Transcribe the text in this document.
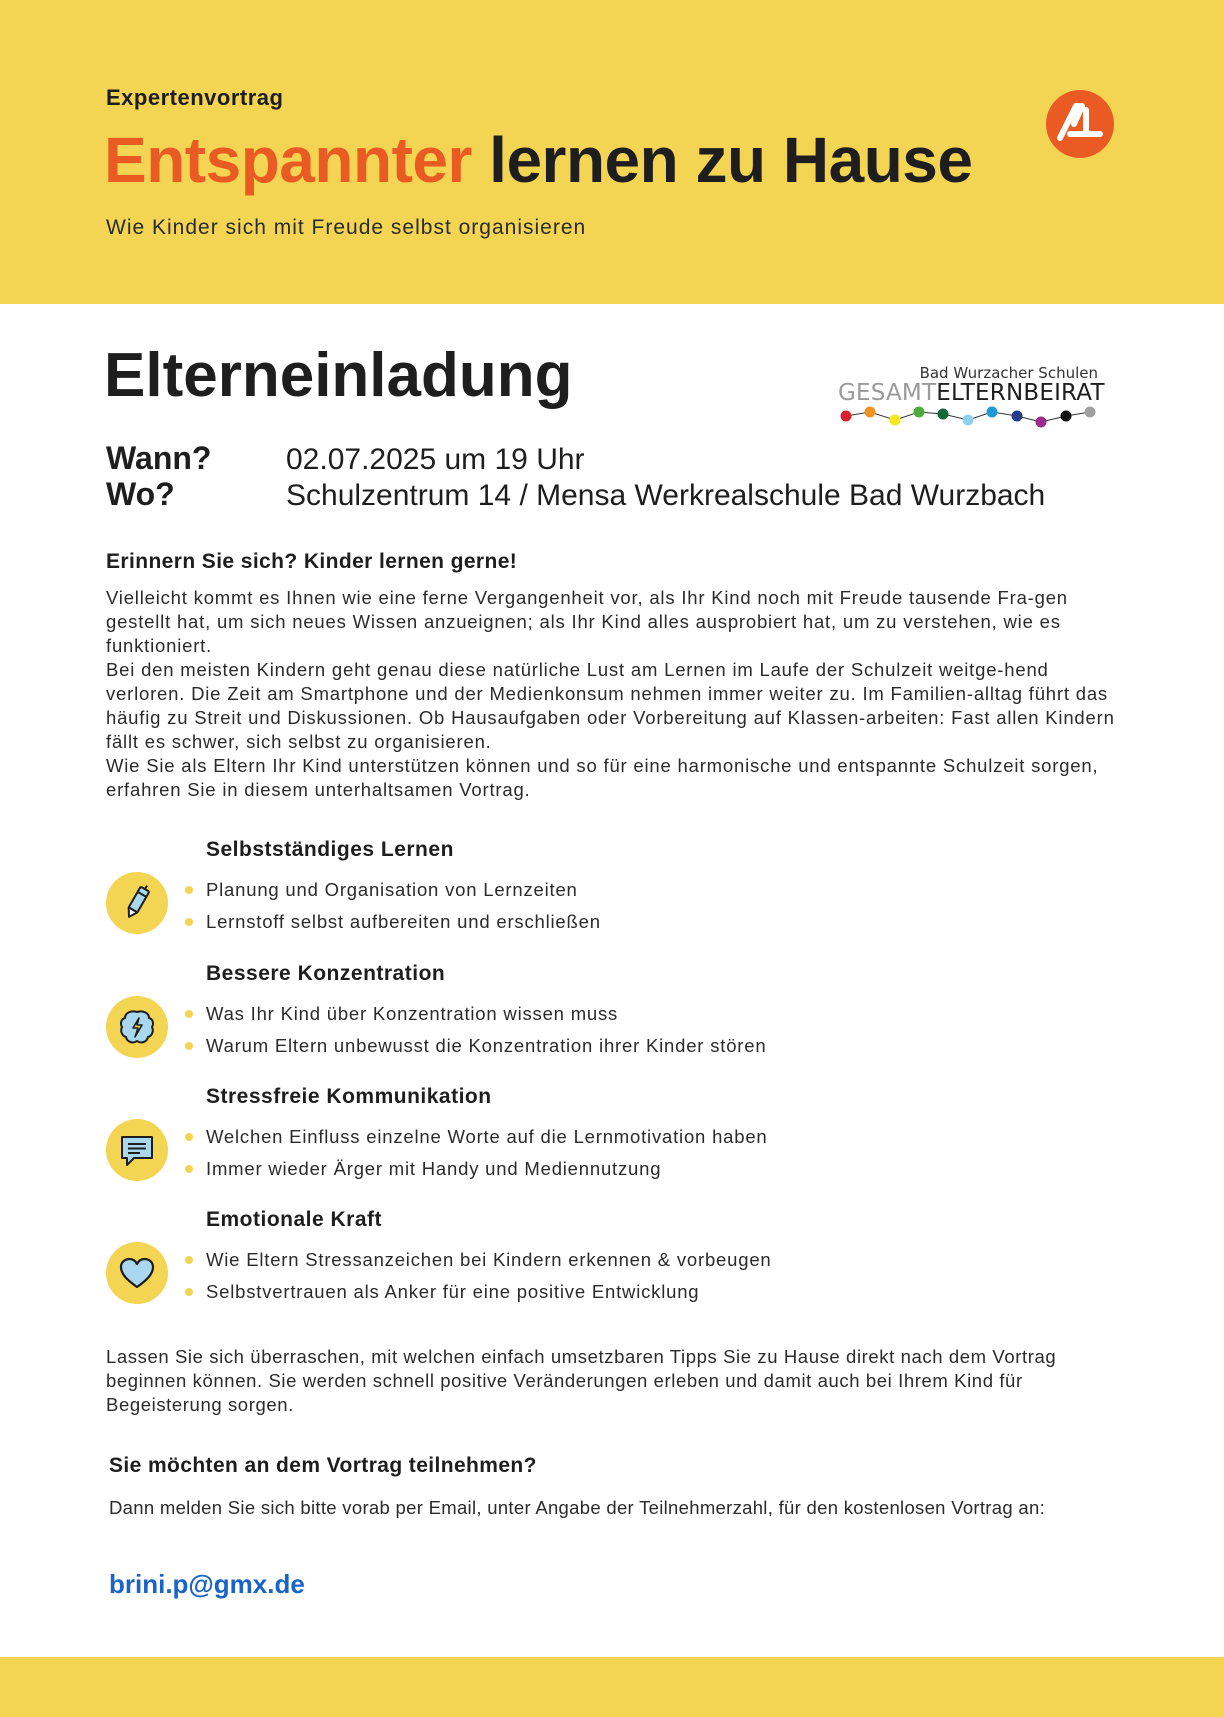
Expertenvortrag
Entspannter lernen zu Hause
Wie Kinder sich mit Freude selbst organisieren
Elterneinladung	Bad Wurzacher Schulen
GESAMTELTERNBEIRAT
Wann? 02.07.2025 um 19 Uhr
Wo?	Schulzentrum 14 / Mensa Werkrealschule Bad Wurzbach
Erinnern Sie sich? Kinder lernen gerne!

Vielleicht kommt es Ihnen wie eine ferne Vergangenheit vor, als Ihr Kind noch mit Freude tausende Fra-gen gestellt hat, um sich neues Wissen anzueignen; als Ihr Kind alles ausprobiert hat, um zu verstehen, wie es funktioniert.

Bei den meisten Kindern geht genau diese natürliche Lust am Lernen im Laufe der Schulzeit weitge-hend verloren. Die Zeit am Smartphone und der Medienkonsum nehmen immer weiter zu. Im Familien-alltag führt das häufig zu Streit und Diskussionen. Ob Hausaufgaben oder Vorbereitung auf Klassen-arbeiten: Fast allen Kindern fällt es schwer, sich selbst zu organisieren.

Wie Sie als Eltern Ihr Kind unterstützen können und so für eine harmonische und entspannte Schulzeit sorgen, erfahren Sie in diesem unterhaltsamen Vortrag.

Selbstständiges Lernen
Planung und Organisation von Lernzeiten
Lernstoff selbst aufbereiten und erschließen
Bessere Konzentration
Was Ihr Kind über Konzentration wissen muss
Warum Eltern unbewusst die Konzentration ihrer Kinder stören
Stressfreie Kommunikation
Welchen Einfluss einzelne Worte auf die Lernmotivation haben
Immer wieder Ärger mit Handy und Mediennutzung
Emotionale Kraft
Wie Eltern Stressanzeichen bei Kindern erkennen & vorbeugen
Selbstvertrauen als Anker für eine positive Entwicklung
Lassen Sie sich überraschen, mit welchen einfach umsetzbaren Tipps Sie zu Hause direkt nach dem Vortrag beginnen können. Sie werden schnell positive Veränderungen erleben und damit auch bei Ihrem Kind für Begeisterung sorgen.
Sie möchten an dem Vortrag teilnehmen?
Dann melden Sie sich bitte vorab per Email, unter Angabe der Teilnehmerzahl, für den kostenlosen Vortrag an:
brini.p@gmx.de
